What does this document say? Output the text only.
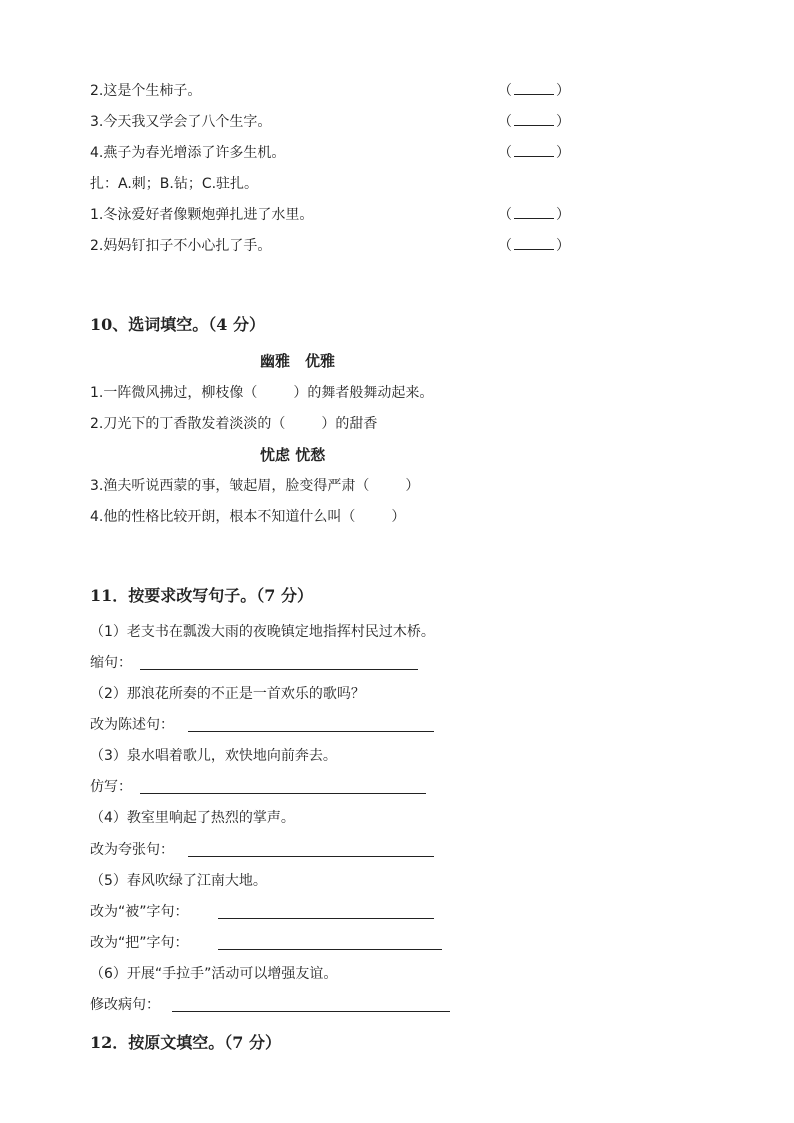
2.这是个生柿子。	（	）
3.今天我又学会了八个生字。	（	）
4.燕子为春光增添了许多生机。	（	）
扎：A.刺；B.钻；C.驻扎。
1.冬泳爱好者像颗炮弹扎进了水里。	（	）
2.妈妈钉扣子不小心扎了手。	（	）
10、选词填空。（4 分）
幽雅　优雅
1.一阵微风拂过，柳枝像（	）的舞者般舞动起来。
2.刀光下的丁香散发着淡淡的（	）的甜香
忧虑 忧愁
3.渔夫听说西蒙的事，皱起眉，脸变得严肃（	）
4.他的性格比较开朗，根本不知道什么叫（	）
11．按要求改写句子。（7 分）
（1）老支书在瓢泼大雨的夜晚镇定地指挥村民过木桥。
缩句：
（2）那浪花所奏的不正是一首欢乐的歌吗？
改为陈述句：
（3）泉水唱着歌儿，欢快地向前奔去。
仿写：
（4）教室里响起了热烈的掌声。
改为夸张句：
（5）春风吹绿了江南大地。
改为“被”字句：
改为“把”字句：
（6）开展“手拉手”活动可以增强友谊。
修改病句：
12．按原文填空。（7 分）
